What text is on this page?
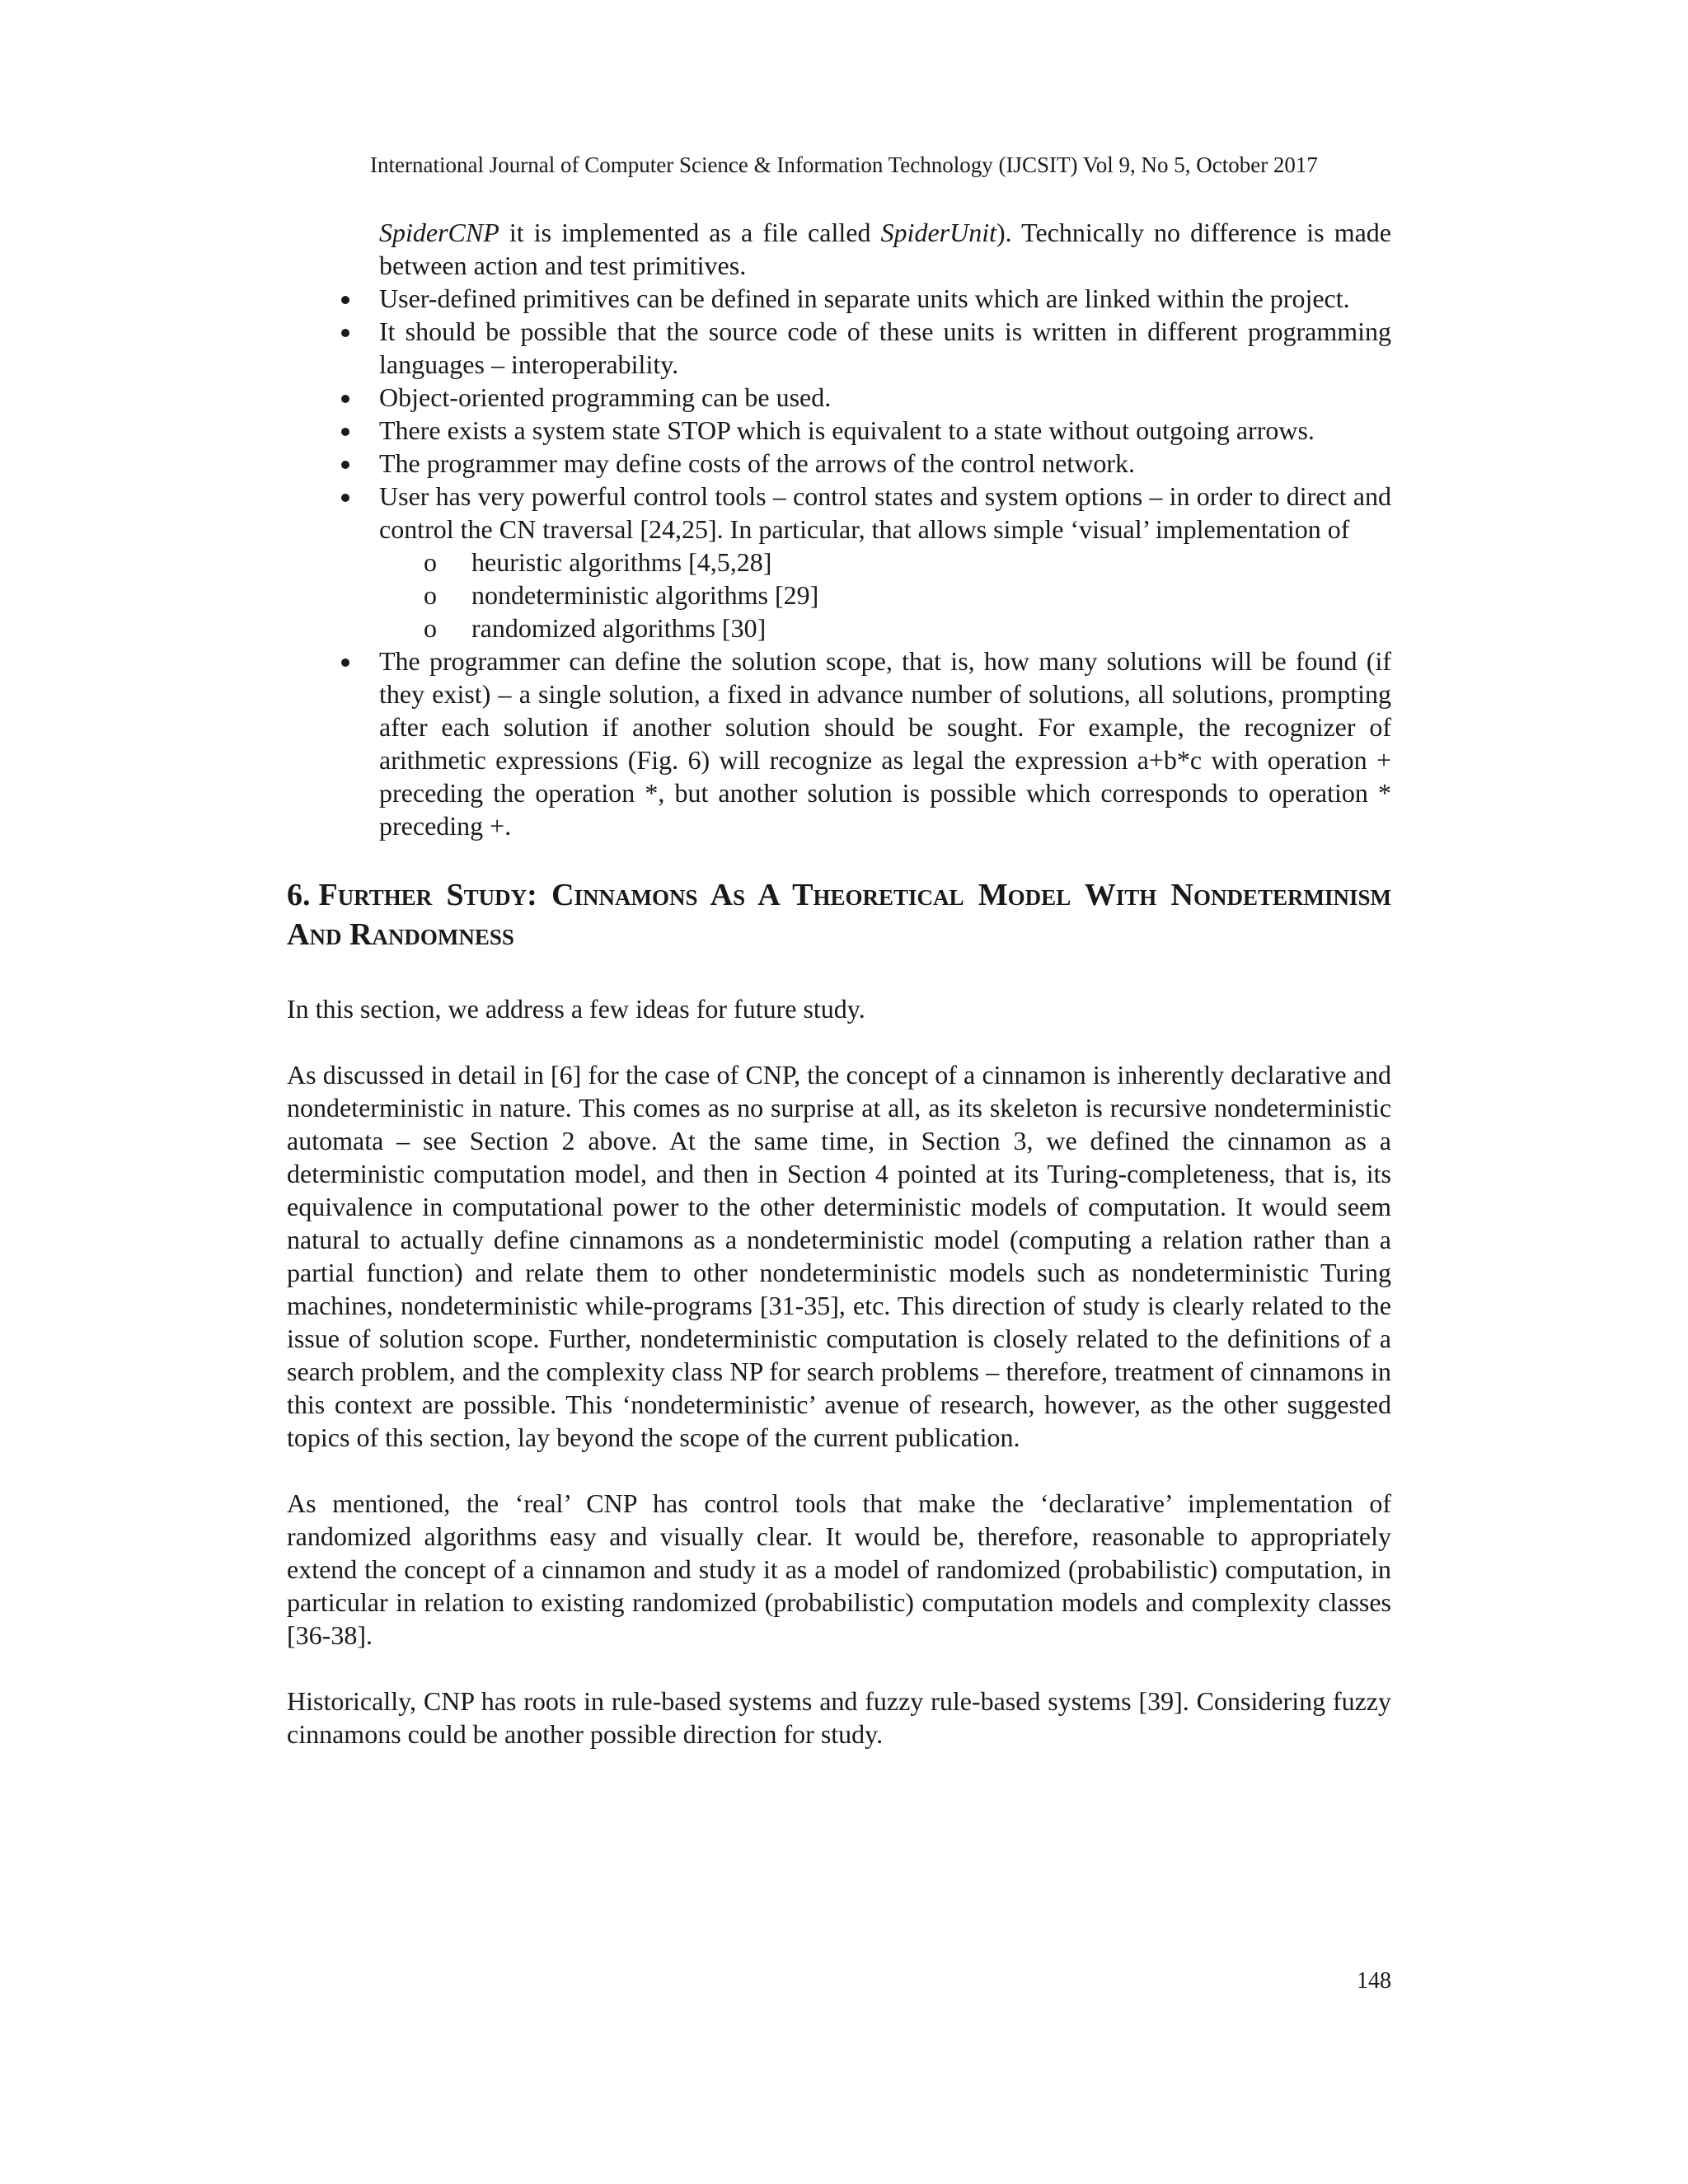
International Journal of Computer Science & Information Technology (IJCSIT) Vol 9, No 5, October 2017
SpiderCNP it is implemented as a file called SpiderUnit). Technically no difference is made between action and test primitives.
User-defined primitives can be defined in separate units which are linked within the project.
It should be possible that the source code of these units is written in different programming languages – interoperability.
Object-oriented programming can be used.
There exists a system state STOP which is equivalent to a state without outgoing arrows.
The programmer may define costs of the arrows of the control network.
User has very powerful control tools – control states and system options – in order to direct and control the CN traversal [24,25]. In particular, that allows simple ‘visual’ implementation of
o heuristic algorithms [4,5,28]
o nondeterministic algorithms [29]
o randomized algorithms [30]
The programmer can define the solution scope, that is, how many solutions will be found (if they exist) – a single solution, a fixed in advance number of solutions, all solutions, prompting after each solution if another solution should be sought. For example, the recognizer of arithmetic expressions (Fig. 6) will recognize as legal the expression a+b*c with operation + preceding the operation *, but another solution is possible which corresponds to operation * preceding +.
6. Further Study: Cinnamons As A Theoretical Model With Nondeterminism And Randomness

In this section, we address a few ideas for future study.

As discussed in detail in [6] for the case of CNP, the concept of a cinnamon is inherently declarative and nondeterministic in nature. This comes as no surprise at all, as its skeleton is recursive nondeterministic automata – see Section 2 above. At the same time, in Section 3, we defined the cinnamon as a deterministic computation model, and then in Section 4 pointed at its Turing-completeness, that is, its equivalence in computational power to the other deterministic models of computation. It would seem natural to actually define cinnamons as a nondeterministic model (computing a relation rather than a partial function) and relate them to other nondeterministic models such as nondeterministic Turing machines, nondeterministic while-programs [31-35], etc. This direction of study is clearly related to the issue of solution scope. Further, nondeterministic computation is closely related to the definitions of a search problem, and the complexity class NP for search problems – therefore, treatment of cinnamons in this context are possible. This ‘nondeterministic’ avenue of research, however, as the other suggested topics of this section, lay beyond the scope of the current publication.

As mentioned, the ‘real’ CNP has control tools that make the ‘declarative’ implementation of randomized algorithms easy and visually clear. It would be, therefore, reasonable to appropriately extend the concept of a cinnamon and study it as a model of randomized (probabilistic) computation, in particular in relation to existing randomized (probabilistic) computation models and complexity classes [36-38].

Historically, CNP has roots in rule-based systems and fuzzy rule-based systems [39]. Considering fuzzy cinnamons could be another possible direction for study.

148
